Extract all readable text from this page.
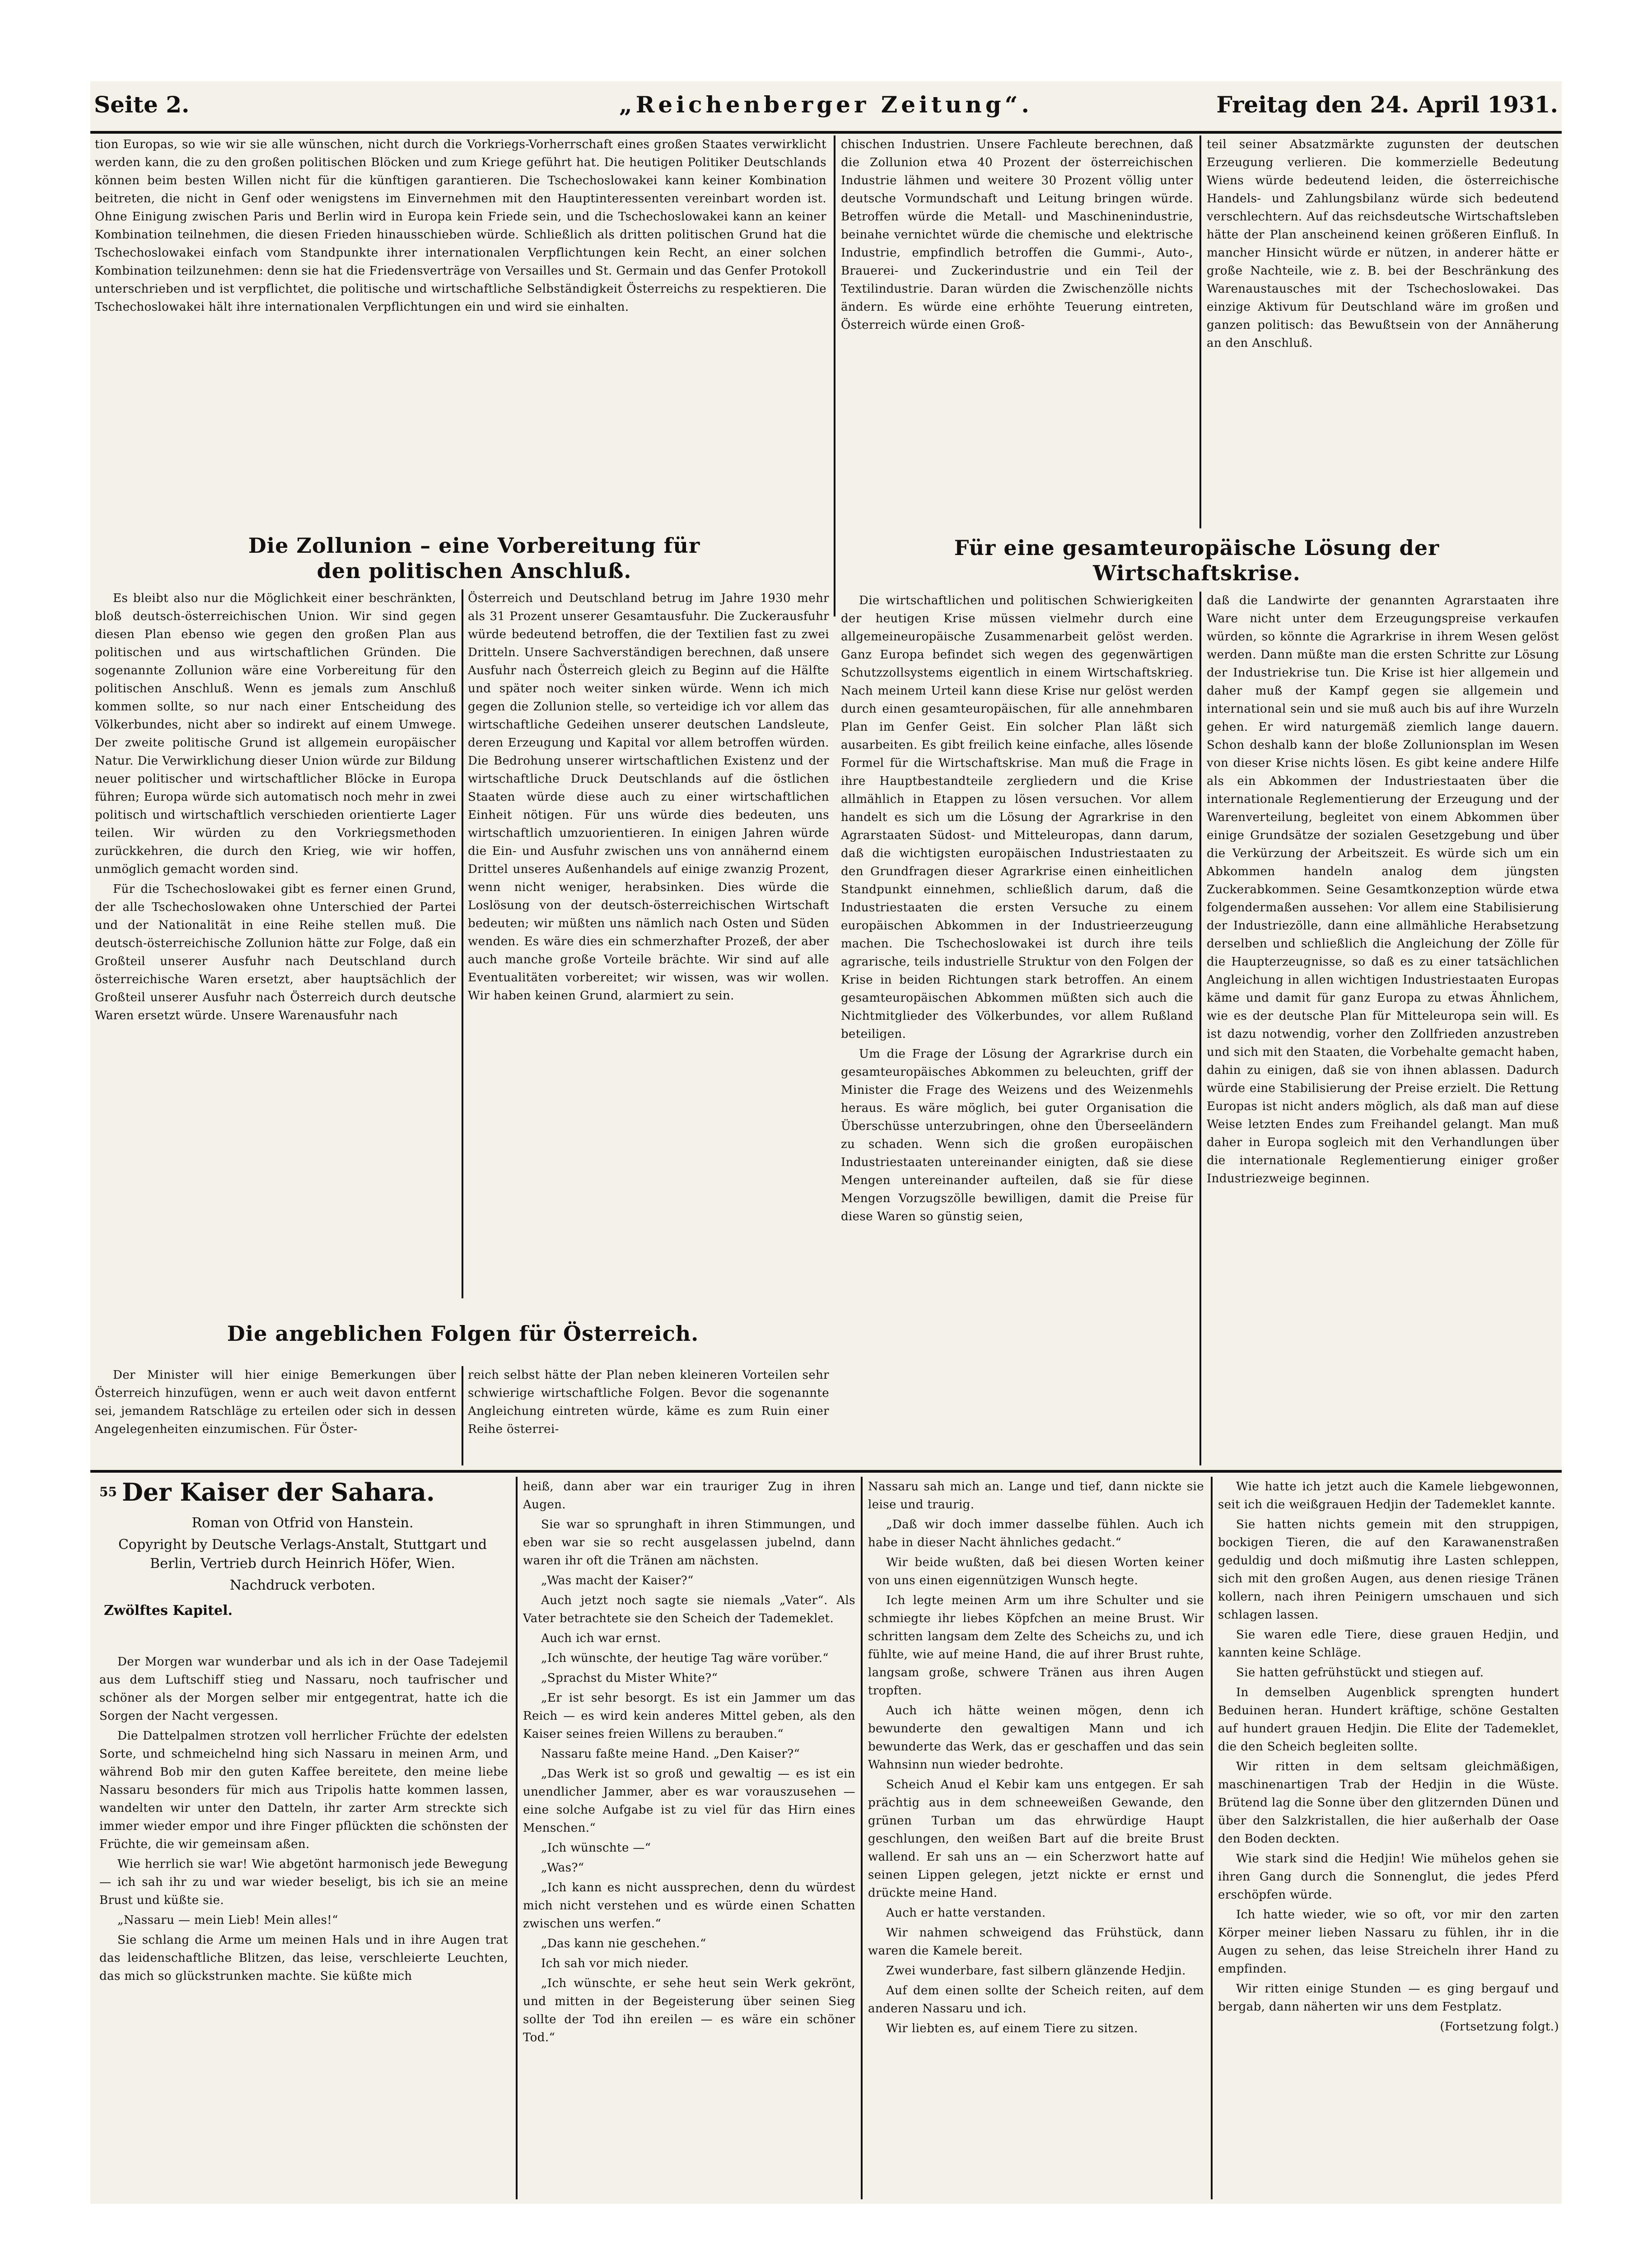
„Reichenberger Zeitung“.
Seite 2.	Freitag den 24. April 1931.

tion Europas, so wie wir sie alle wünschen, nicht durch die Vorkriegs-Vorherrschaft eines großen Staates verwirklicht werden kann, die zu den großen politischen Blöcken und zum Kriege geführt hat. Die heutigen Politiker Deutschlands können beim besten Willen nicht für die künftigen garantieren. Die Tschechoslowakei kann keiner Kombination beitreten, die nicht in Genf oder wenigstens im Einvernehmen mit den Hauptinteressenten vereinbart worden ist. Ohne Einigung zwischen Paris und Berlin wird in Europa kein Friede sein, und die Tschechoslowakei kann an keiner Kombination teilnehmen, die diesen Frieden hinausschieben würde. Schließlich als dritten politischen Grund hat die Tschechoslowakei einfach vom Standpunkte ihrer internationalen Verpflichtungen kein Recht, an einer solchen Kombination teilzunehmen: denn sie hat die Friedensverträge von Versailles und St. Germain und das Genfer Protokoll unterschrieben und ist verpflichtet, die politische und wirtschaftliche Selbständigkeit Österreichs zu respektieren. Die Tschechoslowakei hält ihre internationalen Verpflichtungen ein und wird sie einhalten.

chischen Industrien. Unsere Fachleute berechnen, daß die Zollunion etwa 40 Prozent der österreichischen Industrie lähmen und weitere 30 Prozent völlig unter deutsche Vormundschaft und Leitung bringen würde. Betroffen würde die Metall- und Maschinenindustrie, beinahe vernichtet würde die chemische und elektrische Industrie, empfindlich betroffen die Gummi-, Auto-, Brauerei- und Zuckerindustrie und ein Teil der Textilindustrie. Daran würden die Zwischenzölle nichts ändern. Es würde eine erhöhte Teuerung eintreten, Österreich würde einen Groß-

teil seiner Absatzmärkte zugunsten der deutschen Erzeugung verlieren. Die kommerzielle Bedeutung Wiens würde bedeutend leiden, die österreichische Handels- und Zahlungsbilanz würde sich bedeutend verschlechtern. Auf das reichsdeutsche Wirtschaftsleben hätte der Plan anscheinend keinen größeren Einfluß. In mancher Hinsicht würde er nützen, in anderer hätte er große Nachteile, wie z. B. bei der Beschränkung des Warenaustausches mit der Tschechoslowakei. Das einzige Aktivum für Deutschland wäre im großen und ganzen politisch: das Bewußtsein von der Annäherung an den Anschluß.

Die Zollunion – eine Vorbereitung für den politischen Anschluß.

Es bleibt also nur die Möglichkeit einer beschränkten, bloß deutsch-österreichischen Union. Wir sind gegen diesen Plan ebenso wie gegen den großen Plan aus politischen und aus wirtschaftlichen Gründen. Die sogenannte Zollunion wäre eine Vorbereitung für den politischen Anschluß. Wenn es jemals zum Anschluß kommen sollte, so nur nach einer Entscheidung des Völkerbundes, nicht aber so indirekt auf einem Umwege. Der zweite politische Grund ist allgemein europäischer Natur. Die Verwirklichung dieser Union würde zur Bildung neuer politischer und wirtschaftlicher Blöcke in Europa führen; Europa würde sich automatisch noch mehr in zwei politisch und wirtschaftlich verschieden orientierte Lager teilen. Wir würden zu den Vorkriegsmethoden zurückkehren, die durch den Krieg, wie wir hoffen, unmöglich gemacht worden sind.

Für die Tschechoslowakei gibt es ferner einen Grund, der alle Tschechoslowaken ohne Unterschied der Partei und der Nationalität in eine Reihe stellen muß. Die deutsch-österreichische Zollunion hätte zur Folge, daß ein Großteil unserer Ausfuhr nach Deutschland durch österreichische Waren ersetzt, aber hauptsächlich der Großteil unserer Ausfuhr nach Österreich durch deutsche Waren ersetzt würde. Unsere Warenausfuhr nach

Österreich und Deutschland betrug im Jahre 1930 mehr als 31 Prozent unserer Gesamtausfuhr. Die Zuckerausfuhr würde bedeutend betroffen, die der Textilien fast zu zwei Dritteln. Unsere Sachverständigen berechnen, daß unsere Ausfuhr nach Österreich gleich zu Beginn auf die Hälfte und später noch weiter sinken würde. Wenn ich mich gegen die Zollunion stelle, so verteidige ich vor allem das wirtschaftliche Gedeihen unserer deutschen Landsleute, deren Erzeugung und Kapital vor allem betroffen würden. Die Bedrohung unserer wirtschaftlichen Existenz und der wirtschaftliche Druck Deutschlands auf die östlichen Staaten würde diese auch zu einer wirtschaftlichen Einheit nötigen. Für uns würde dies bedeuten, uns wirtschaftlich umzuorientieren. In einigen Jahren würde die Ein- und Ausfuhr zwischen uns von annähernd einem Drittel unseres Außenhandels auf einige zwanzig Prozent, wenn nicht weniger, herabsinken. Dies würde die Loslösung von der deutsch-österreichischen Wirtschaft bedeuten; wir müßten uns nämlich nach Osten und Süden wenden. Es wäre dies ein schmerzhafter Prozeß, der aber auch manche große Vorteile brächte. Wir sind auf alle Eventualitäten vorbereitet; wir wissen, was wir wollen. Wir haben keinen Grund, alarmiert zu sein.

Die angeblichen Folgen für Österreich.

Der Minister will hier einige Bemerkungen über Österreich hinzufügen, wenn er auch weit davon entfernt sei, jemandem Ratschläge zu erteilen oder sich in dessen Angelegenheiten einzumischen. Für Öster-

reich selbst hätte der Plan neben kleineren Vorteilen sehr schwierige wirtschaftliche Folgen. Bevor die sogenannte Angleichung eintreten würde, käme es zum Ruin einer Reihe österrei-

Für eine gesamteuropäische Lösung der Wirtschaftskrise.

Die wirtschaftlichen und politischen Schwierigkeiten der heutigen Krise müssen vielmehr durch eine allgemeineuropäische Zusammenarbeit gelöst werden. Ganz Europa befindet sich wegen des gegenwärtigen Schutzzollsystems eigentlich in einem Wirtschaftskrieg. Nach meinem Urteil kann diese Krise nur gelöst werden durch einen gesamteuropäischen, für alle annehmbaren Plan im Genfer Geist. Ein solcher Plan läßt sich ausarbeiten. Es gibt freilich keine einfache, alles lösende Formel für die Wirtschaftskrise. Man muß die Frage in ihre Hauptbestandteile zergliedern und die Krise allmählich in Etappen zu lösen versuchen. Vor allem handelt es sich um die Lösung der Agrarkrise in den Agrarstaaten Südost- und Mitteleuropas, dann darum, daß die wichtigsten europäischen Industriestaaten zu den Grundfragen dieser Agrarkrise einen einheitlichen Standpunkt einnehmen, schließlich darum, daß die Industriestaaten die ersten Versuche zu einem europäischen Abkommen in der Industrieerzeugung machen. Die Tschechoslowakei ist durch ihre teils agrarische, teils industrielle Struktur von den Folgen der Krise in beiden Richtungen stark betroffen. An einem gesamteuropäischen Abkommen müßten sich auch die Nichtmitglieder des Völkerbundes, vor allem Rußland beteiligen.

Um die Frage der Lösung der Agrarkrise durch ein gesamteuropäisches Abkommen zu beleuchten, griff der Minister die Frage des Weizens und des Weizenmehls heraus. Es wäre möglich, bei guter Organisation die Überschüsse unterzubringen, ohne den Überseeländern zu schaden. Wenn sich die großen europäischen Industriestaaten untereinander einigten, daß sie diese Mengen untereinander aufteilen, daß sie für diese Mengen Vorzugszölle bewilligen, damit die Preise für diese Waren so günstig seien,

daß die Landwirte der genannten Agrarstaaten ihre Ware nicht unter dem Erzeugungspreise verkaufen würden, so könnte die Agrarkrise in ihrem Wesen gelöst werden. Dann müßte man die ersten Schritte zur Lösung der Industriekrise tun. Die Krise ist hier allgemein und daher muß der Kampf gegen sie allgemein und international sein und sie muß auch bis auf ihre Wurzeln gehen. Er wird naturgemäß ziemlich lange dauern. Schon deshalb kann der bloße Zollunionsplan im Wesen von dieser Krise nichts lösen. Es gibt keine andere Hilfe als ein Abkommen der Industriestaaten über die internationale Reglementierung der Erzeugung und der Warenverteilung, begleitet von einem Abkommen über einige Grundsätze der sozialen Gesetzgebung und über die Verkürzung der Arbeitszeit. Es würde sich um ein Abkommen handeln analog dem jüngsten Zuckerabkommen. Seine Gesamtkonzeption würde etwa folgendermaßen aussehen: Vor allem eine Stabilisierung der Industriezölle, dann eine allmähliche Herabsetzung derselben und schließlich die Angleichung der Zölle für die Haupterzeugnisse, so daß es zu einer tatsächlichen Angleichung in allen wichtigen Industriestaaten Europas käme und damit für ganz Europa zu etwas Ähnlichem, wie es der deutsche Plan für Mitteleuropa sein will. Es ist dazu notwendig, vorher den Zollfrieden anzustreben und sich mit den Staaten, die Vorbehalte gemacht haben, dahin zu einigen, daß sie von ihnen ablassen. Dadurch würde eine Stabilisierung der Preise erzielt. Die Rettung Europas ist nicht anders möglich, als daß man auf diese Weise letzten Endes zum Freihandel gelangt. Man muß daher in Europa sogleich mit den Verhandlungen über die internationale Reglementierung einiger großer Industriezweige beginnen.

55 Der Kaiser der Sahara.
Roman von Otfrid von Hanstein.
Copyright by Deutsche Verlags-Anstalt, Stuttgart und Berlin, Vertrieb durch Heinrich Höfer, Wien.
Nachdruck verboten.
Zwölftes Kapitel.

Der Morgen war wunderbar und als ich in der Oase Tadejemil aus dem Luftschiff stieg und Nassaru, noch taufrischer und schöner als der Morgen selber mir entgegentrat, hatte ich die Sorgen der Nacht vergessen.

Die Dattelpalmen strotzen voll herrlicher Früchte der edelsten Sorte, und schmeichelnd hing sich Nassaru in meinen Arm, und während Bob mir den guten Kaffee bereitete, den meine liebe Nassaru besonders für mich aus Tripolis hatte kommen lassen, wandelten wir unter den Datteln, ihr zarter Arm streckte sich immer wieder empor und ihre Finger pflückten die schönsten der Früchte, die wir gemeinsam aßen.

Wie herrlich sie war! Wie abgetönt harmonisch jede Bewegung — ich sah ihr zu und war wieder beseligt, bis ich sie an meine Brust und küßte sie.

„Nassaru — mein Lieb! Mein alles!“

Sie schlang die Arme um meinen Hals und in ihre Augen trat das leidenschaftliche Blitzen, das leise, verschleierte Leuchten, das mich so glückstrunken machte. Sie küßte mich

heiß, dann aber war ein trauriger Zug in ihren Augen.

Sie war so sprunghaft in ihren Stimmungen, und eben war sie so recht ausgelassen jubelnd, dann waren ihr oft die Tränen am nächsten.

„Was macht der Kaiser?“

Auch jetzt noch sagte sie niemals „Vater“. Als Vater betrachtete sie den Scheich der Tademeklet.

Auch ich war ernst.

„Ich wünschte, der heutige Tag wäre vorüber.“

„Sprachst du Mister White?“

„Er ist sehr besorgt. Es ist ein Jammer um das Reich — es wird kein anderes Mittel geben, als den Kaiser seines freien Willens zu berauben.“

Nassaru faßte meine Hand. „Den Kaiser?“

„Das Werk ist so groß und gewaltig — es ist ein unendlicher Jammer, aber es war vorauszusehen — eine solche Aufgabe ist zu viel für das Hirn eines Menschen.“

„Ich wünschte —“

„Was?“

„Ich kann es nicht aussprechen, denn du würdest mich nicht verstehen und es würde einen Schatten zwischen uns werfen.“

„Das kann nie geschehen.“

Ich sah vor mich nieder.

„Ich wünschte, er sehe heut sein Werk gekrönt, und mitten in der Begeisterung über seinen Sieg sollte der Tod ihn ereilen — es wäre ein schöner Tod.“

Nassaru sah mich an. Lange und tief, dann nickte sie leise und traurig.

„Daß wir doch immer dasselbe fühlen. Auch ich habe in dieser Nacht ähnliches gedacht.“

Wir beide wußten, daß bei diesen Worten keiner von uns einen eigennützigen Wunsch hegte.

Ich legte meinen Arm um ihre Schulter und sie schmiegte ihr liebes Köpfchen an meine Brust. Wir schritten langsam dem Zelte des Scheichs zu, und ich fühlte, wie auf meine Hand, die auf ihrer Brust ruhte, langsam große, schwere Tränen aus ihren Augen tropften.

Auch ich hätte weinen mögen, denn ich bewunderte den gewaltigen Mann und ich bewunderte das Werk, das er geschaffen und das sein Wahnsinn nun wieder bedrohte.

Scheich Anud el Kebir kam uns entgegen. Er sah prächtig aus in dem schneeweißen Gewande, den grünen Turban um das ehrwürdige Haupt geschlungen, den weißen Bart auf die breite Brust wallend. Er sah uns an — ein Scherzwort hatte auf seinen Lippen gelegen, jetzt nickte er ernst und drückte meine Hand.

Auch er hatte verstanden.

Wir nahmen schweigend das Frühstück, dann waren die Kamele bereit.

Zwei wunderbare, fast silbern glänzende Hedjin.

Auf dem einen sollte der Scheich reiten, auf dem anderen Nassaru und ich.

Wir liebten es, auf einem Tiere zu sitzen.

Wie hatte ich jetzt auch die Kamele liebgewonnen, seit ich die weißgrauen Hedjin der Tademeklet kannte.

Sie hatten nichts gemein mit den struppigen, bockigen Tieren, die auf den Karawanenstraßen geduldig und doch mißmutig ihre Lasten schleppen, sich mit den großen Augen, aus denen riesige Tränen kollern, nach ihren Peinigern umschauen und sich schlagen lassen.

Sie waren edle Tiere, diese grauen Hedjin, und kannten keine Schläge.

Sie hatten gefrühstückt und stiegen auf.

In demselben Augenblick sprengten hundert Beduinen heran. Hundert kräftige, schöne Gestalten auf hundert grauen Hedjin. Die Elite der Tademeklet, die den Scheich begleiten sollte.

Wir ritten in dem seltsam gleichmäßigen, maschinenartigen Trab der Hedjin in die Wüste. Brütend lag die Sonne über den glitzernden Dünen und über den Salzkristallen, die hier außerhalb der Oase den Boden deckten.

Wie stark sind die Hedjin! Wie mühelos gehen sie ihren Gang durch die Sonnenglut, die jedes Pferd erschöpfen würde.

Ich hatte wieder, wie so oft, vor mir den zarten Körper meiner lieben Nassaru zu fühlen, ihr in die Augen zu sehen, das leise Streicheln ihrer Hand zu empfinden.

Wir ritten einige Stunden — es ging bergauf und bergab, dann näherten wir uns dem Festplatz.

(Fortsetzung folgt.)
